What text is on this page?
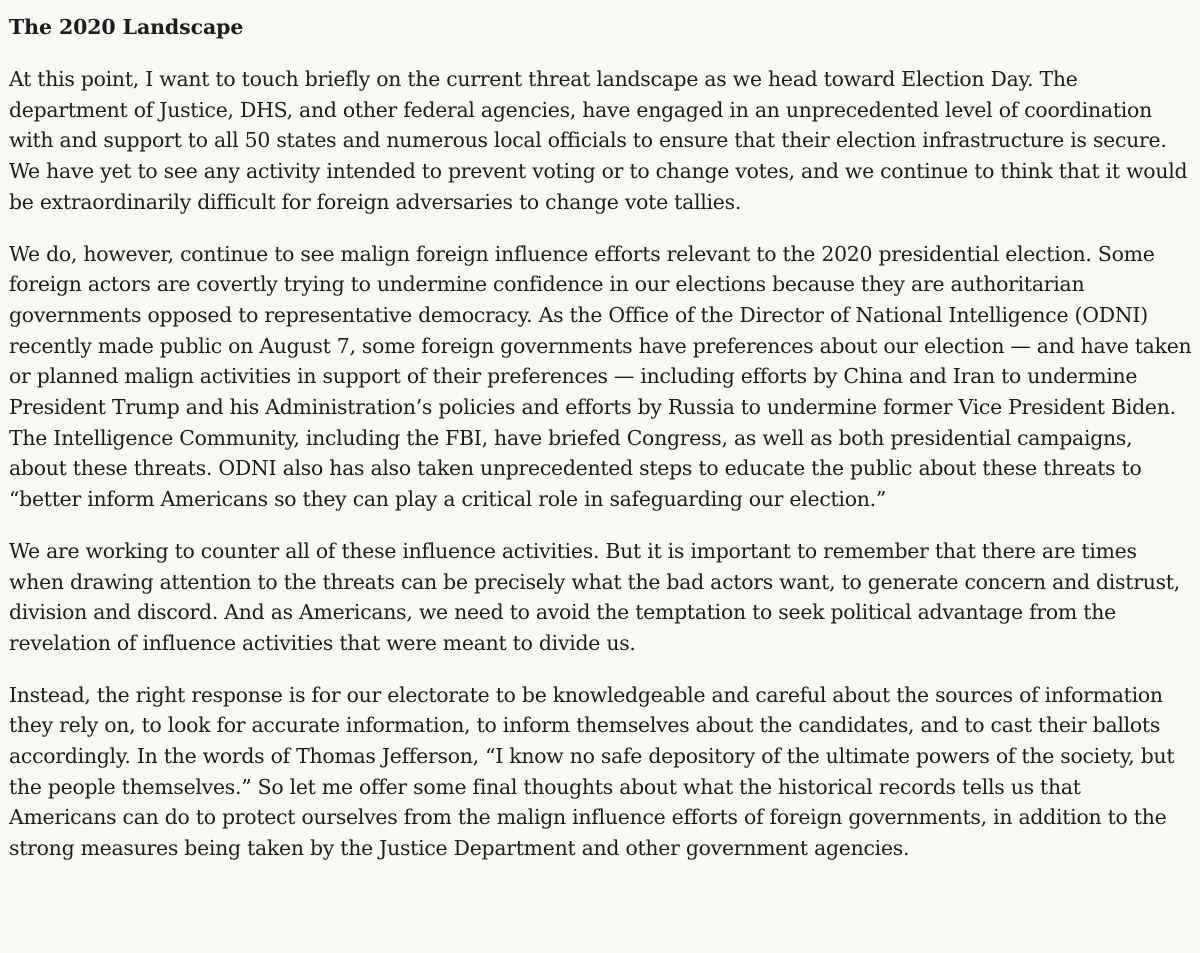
The 2020 Landscape

At this point, I want to touch briefly on the current threat landscape as we head toward Election Day. The department of Justice, DHS, and other federal agencies, have engaged in an unprecedented level of coordination with and support to all 50 states and numerous local officials to ensure that their election infrastructure is secure. We have yet to see any activity intended to prevent voting or to change votes, and we continue to think that it would be extraordinarily difficult for foreign adversaries to change vote tallies.

We do, however, continue to see malign foreign influence efforts relevant to the 2020 presidential election. Some foreign actors are covertly trying to undermine confidence in our elections because they are authoritarian governments opposed to representative democracy. As the Office of the Director of National Intelligence (ODNI) recently made public on August 7, some foreign governments have preferences about our election — and have taken or planned malign activities in support of their preferences — including efforts by China and Iran to undermine President Trump and his Administration’s policies and efforts by Russia to undermine former Vice President Biden. The Intelligence Community, including the FBI, have briefed Congress, as well as both presidential campaigns, about these threats. ODNI also has also taken unprecedented steps to educate the public about these threats to “better inform Americans so they can play a critical role in safeguarding our election.”

We are working to counter all of these influence activities. But it is important to remember that there are times when drawing attention to the threats can be precisely what the bad actors want, to generate concern and distrust, division and discord. And as Americans, we need to avoid the temptation to seek political advantage from the revelation of influence activities that were meant to divide us.

Instead, the right response is for our electorate to be knowledgeable and careful about the sources of information they rely on, to look for accurate information, to inform themselves about the candidates, and to cast their ballots accordingly. In the words of Thomas Jefferson, “I know no safe depository of the ultimate powers of the society, but the people themselves.” So let me offer some final thoughts about what the historical records tells us that Americans can do to protect ourselves from the malign influence efforts of foreign governments, in addition to the strong measures being taken by the Justice Department and other government agencies.
